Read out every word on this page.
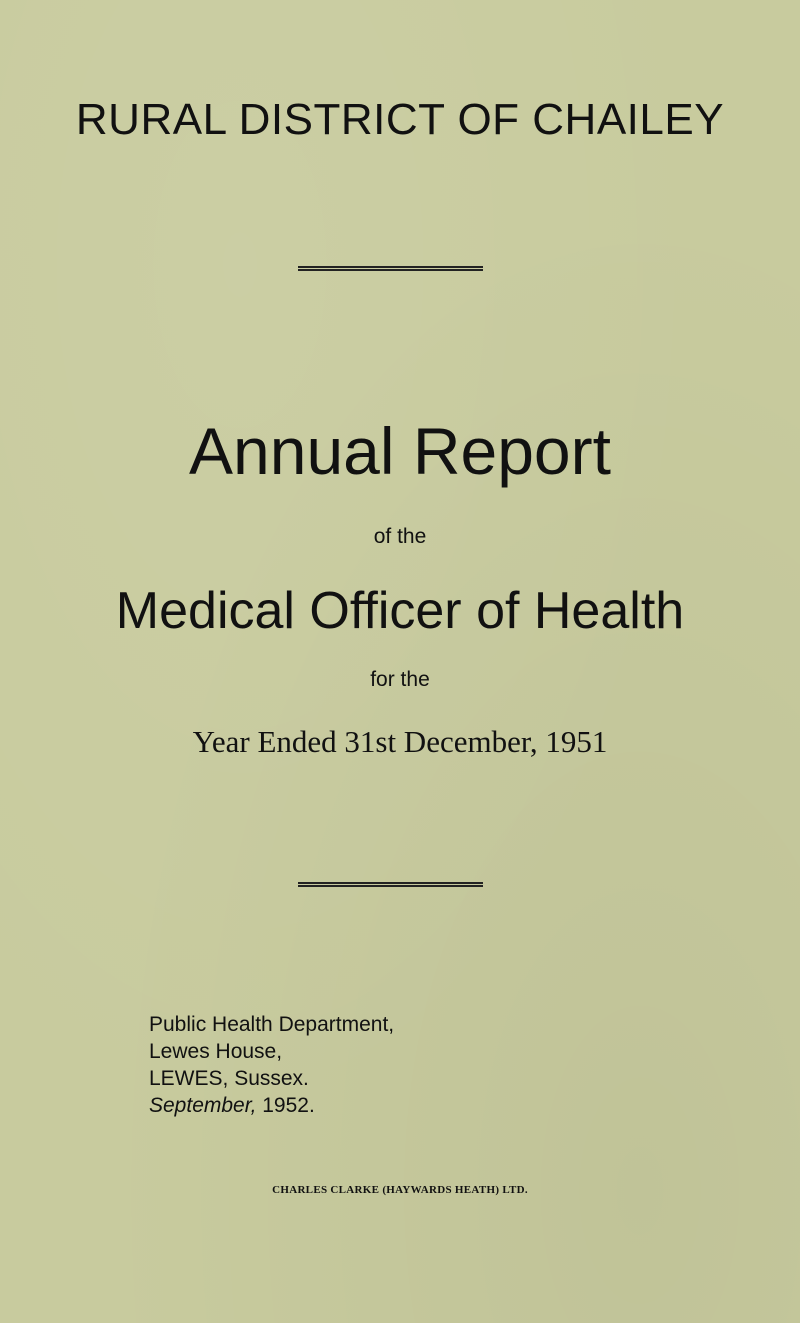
RURAL DISTRICT OF CHAILEY
Annual Report
of the
Medical Officer of Health
for the
Year Ended 31st December, 1951
Public Health Department,
Lewes House,
LEWES, Sussex.
September, 1952.
CHARLES CLARKE (HAYWARDS HEATH) LTD.
